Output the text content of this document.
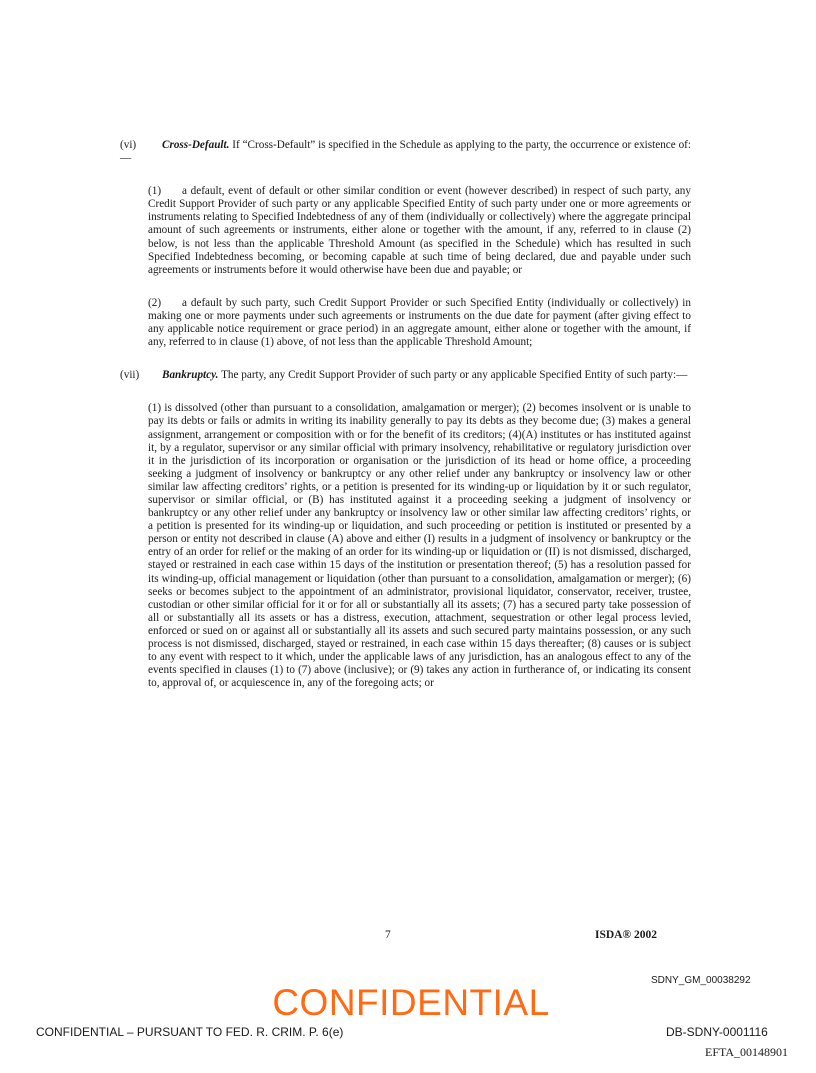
(vi) Cross-Default. If “Cross-Default” is specified in the Schedule as applying to the party, the occurrence or existence of:—

(1) a default, event of default or other similar condition or event (however described) in respect of such party, any Credit Support Provider of such party or any applicable Specified Entity of such party under one or more agreements or instruments relating to Specified Indebtedness of any of them (individually or collectively) where the aggregate principal amount of such agreements or instruments, either alone or together with the amount, if any, referred to in clause (2) below, is not less than the applicable Threshold Amount (as specified in the Schedule) which has resulted in such Specified Indebtedness becoming, or becoming capable at such time of being declared, due and payable under such agreements or instruments before it would otherwise have been due and payable; or

(2) a default by such party, such Credit Support Provider or such Specified Entity (individually or collectively) in making one or more payments under such agreements or instruments on the due date for payment (after giving effect to any applicable notice requirement or grace period) in an aggregate amount, either alone or together with the amount, if any, referred to in clause (1) above, of not less than the applicable Threshold Amount;

(vii) Bankruptcy. The party, any Credit Support Provider of such party or any applicable Specified Entity of such party:—

(1) is dissolved (other than pursuant to a consolidation, amalgamation or merger); (2) becomes insolvent or is unable to pay its debts or fails or admits in writing its inability generally to pay its debts as they become due; (3) makes a general assignment, arrangement or composition with or for the benefit of its creditors; (4)(A) institutes or has instituted against it, by a regulator, supervisor or any similar official with primary insolvency, rehabilitative or regulatory jurisdiction over it in the jurisdiction of its incorporation or organisation or the jurisdiction of its head or home office, a proceeding seeking a judgment of insolvency or bankruptcy or any other relief under any bankruptcy or insolvency law or other similar law affecting creditors’ rights, or a petition is presented for its winding-up or liquidation by it or such regulator, supervisor or similar official, or (B) has instituted against it a proceeding seeking a judgment of insolvency or bankruptcy or any other relief under any bankruptcy or insolvency law or other similar law affecting creditors’ rights, or a petition is presented for its winding-up or liquidation, and such proceeding or petition is instituted or presented by a person or entity not described in clause (A) above and either (I) results in a judgment of insolvency or bankruptcy or the entry of an order for relief or the making of an order for its winding-up or liquidation or (II) is not dismissed, discharged, stayed or restrained in each case within 15 days of the institution or presentation thereof; (5) has a resolution passed for its winding-up, official management or liquidation (other than pursuant to a consolidation, amalgamation or merger); (6) seeks or becomes subject to the appointment of an administrator, provisional liquidator, conservator, receiver, trustee, custodian or other similar official for it or for all or substantially all its assets; (7) has a secured party take possession of all or substantially all its assets or has a distress, execution, attachment, sequestration or other legal process levied, enforced or sued on or against all or substantially all its assets and such secured party maintains possession, or any such process is not dismissed, discharged, stayed or restrained, in each case within 15 days thereafter; (8) causes or is subject to any event with respect to it which, under the applicable laws of any jurisdiction, has an analogous effect to any of the events specified in clauses (1) to (7) above (inclusive); or (9) takes any action in furtherance of, or indicating its consent to, approval of, or acquiescence in, any of the foregoing acts; or

7	ISDA® 2002
SDNY_GM_00038292
CONFIDENTIAL
CONFIDENTIAL – PURSUANT TO FED. R. CRIM. P. 6(e)	DB-SDNY-0001116
EFTA_00148901
